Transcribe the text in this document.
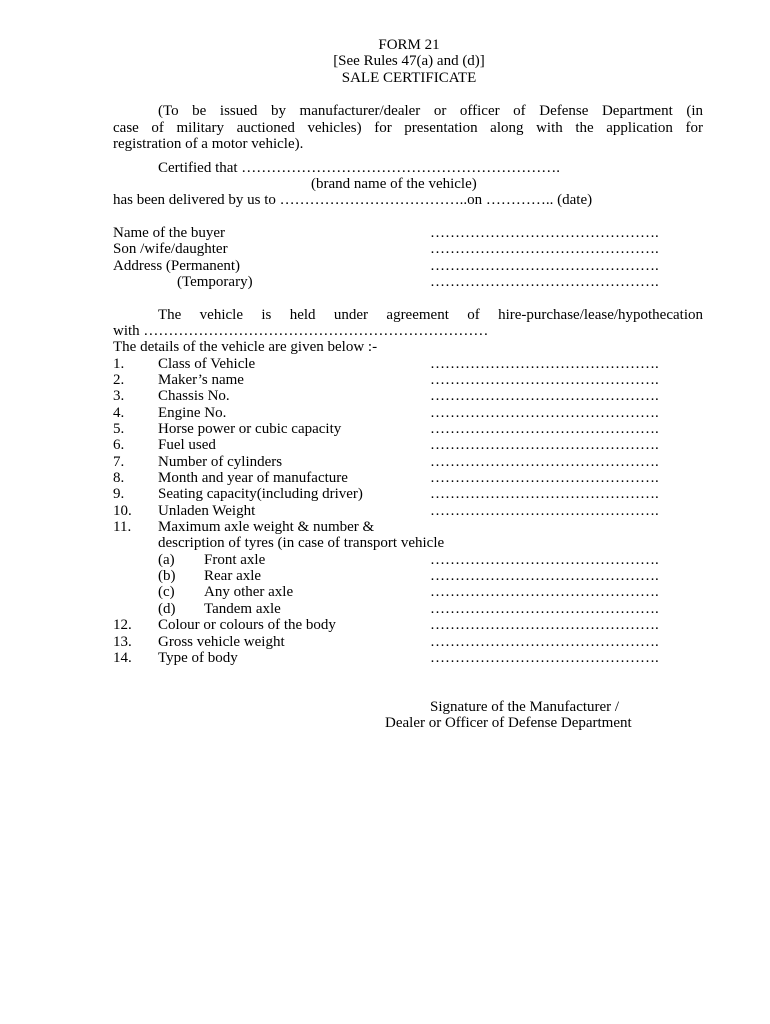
FORM 21
[See Rules 47(a) and (d)]
SALE CERTIFICATE
(To be issued by manufacturer/dealer or officer of Defense Department (in
case of military auctioned vehicles) for presentation along with the application for
registration of a motor vehicle).
Certified that ……………………………………………………….
(brand name of the vehicle)
has been delivered by us to ………………………………..on ………….. (date)
Name of the buyer	……………………………………….
Son /wife/daughter	……………………………………….
Address (Permanent)	……………………………………….
(Temporary)	……………………………………….
The vehicle is held under agreement of hire-purchase/lease/hypothecation
with ……………………………………………………………
The details of the vehicle are given below :-
1. Class of Vehicle	……………………………………….
2. Maker’s name	……………………………………….
3. Chassis No.	……………………………………….
4. Engine No.	……………………………………….
5. Horse power or cubic capacity	……………………………………….
6. Fuel used	……………………………………….
7. Number of cylinders	……………………………………….
8. Month and year of manufacture	……………………………………….
9. Seating capacity(including driver)	……………………………………….
10. Unladen Weight	……………………………………….
11. Maximum axle weight & number &
description of tyres (in case of transport vehicle
(a) Front axle	……………………………………….
(b) Rear axle	……………………………………….
(c) Any other axle	……………………………………….
(d) Tandem axle	……………………………………….
12. Colour or colours of the body	……………………………………….
13. Gross vehicle weight	……………………………………….
14. Type of body	……………………………………….
Signature of the Manufacturer /
Dealer or Officer of Defense Department
